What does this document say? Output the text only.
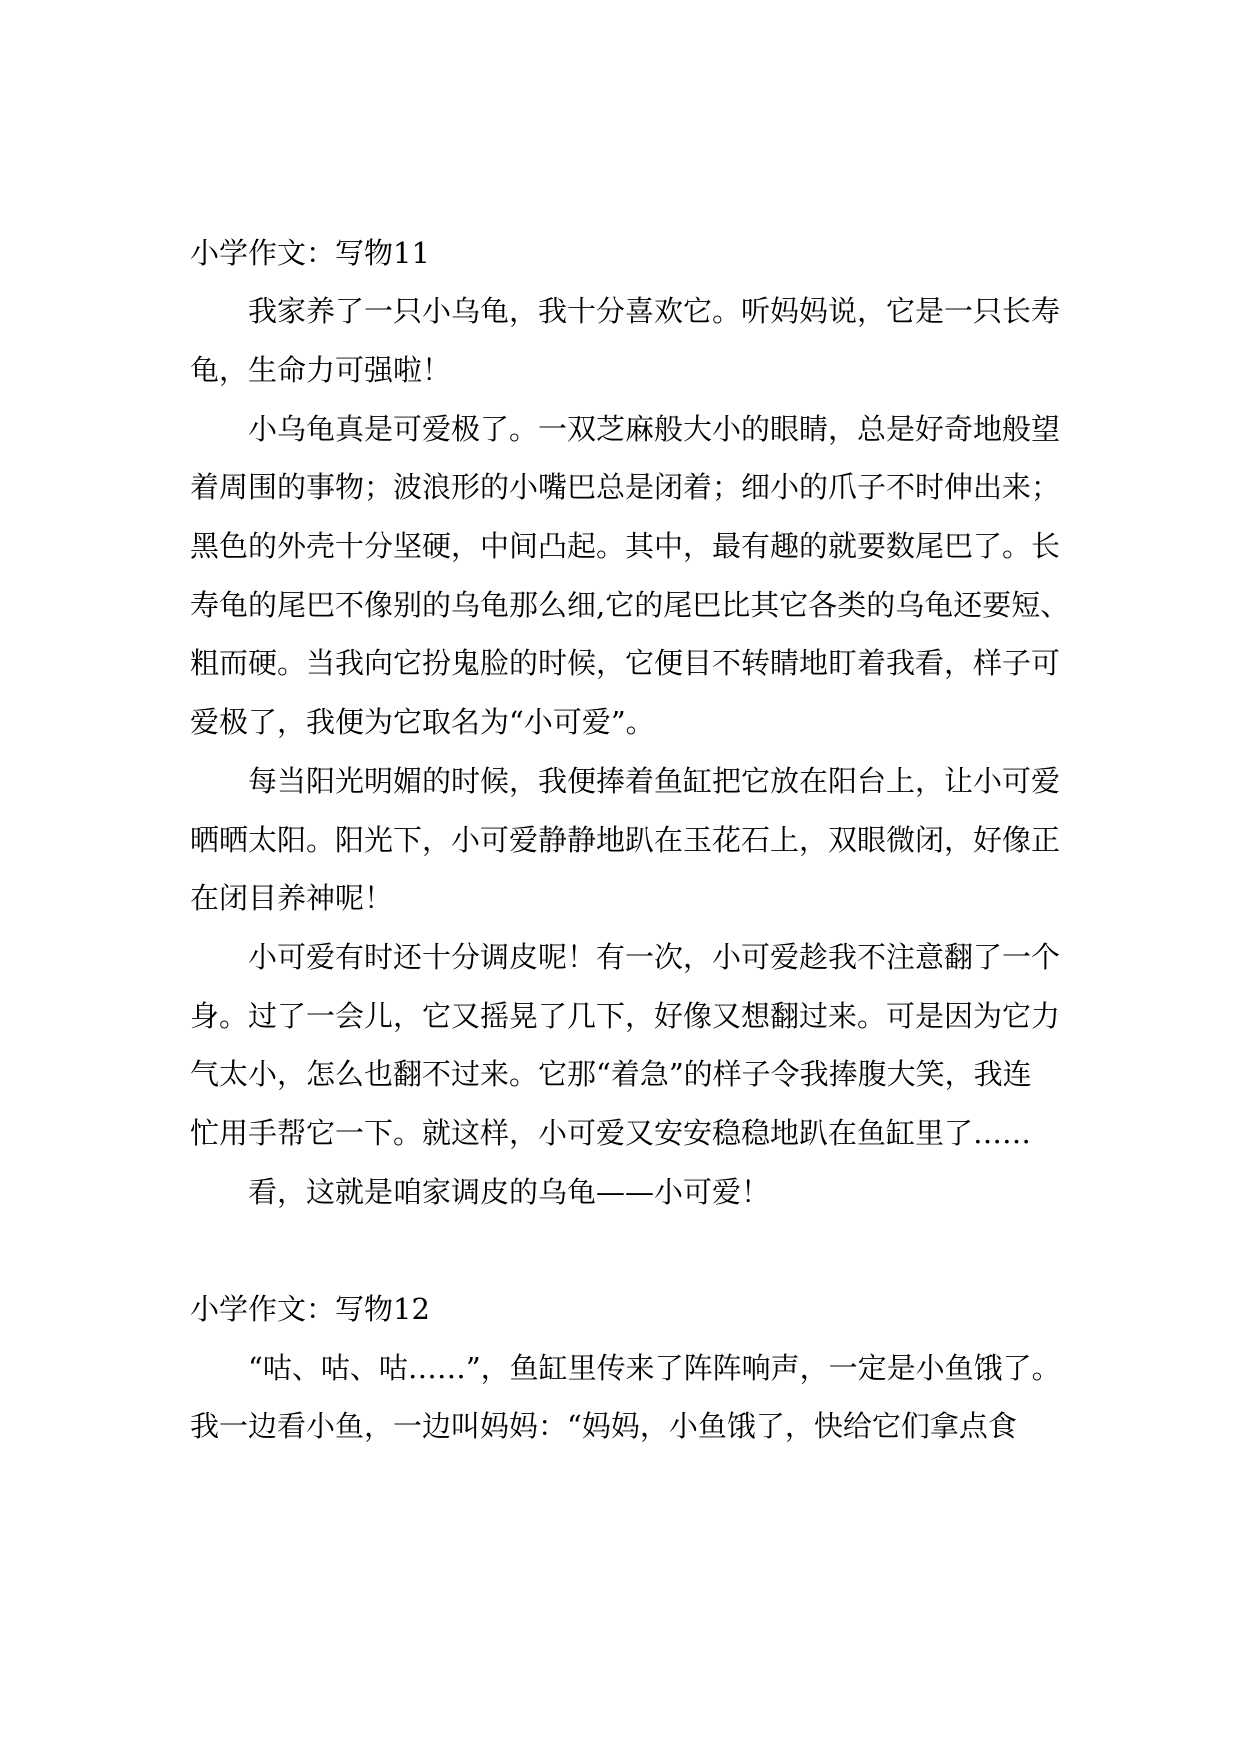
小学作文：写物11
我家养了一只小乌龟，我十分喜欢它。听妈妈说，它是一只长寿
龟，生命力可强啦！
小乌龟真是可爱极了。一双芝麻般大小的眼睛，总是好奇地般望
着周围的事物；波浪形的小嘴巴总是闭着；细小的爪子不时伸出来；
黑色的外壳十分坚硬，中间凸起。其中，最有趣的就要数尾巴了。长
寿龟的尾巴不像别的乌龟那么细,它的尾巴比其它各类的乌龟还要短、
粗而硬。当我向它扮鬼脸的时候，它便目不转睛地盯着我看，样子可
爱极了，我便为它取名为“小可爱”。
每当阳光明媚的时候，我便捧着鱼缸把它放在阳台上，让小可爱
晒晒太阳。阳光下，小可爱静静地趴在玉花石上，双眼微闭，好像正
在闭目养神呢！
小可爱有时还十分调皮呢！有一次，小可爱趁我不注意翻了一个
身。过了一会儿，它又摇晃了几下，好像又想翻过来。可是因为它力
气太小，怎么也翻不过来。它那“着急”的样子令我捧腹大笑，我连
忙用手帮它一下。就这样，小可爱又安安稳稳地趴在鱼缸里了……
看，这就是咱家调皮的乌龟——小可爱！
小学作文：写物12
“咕、咕、咕……”，鱼缸里传来了阵阵响声，一定是小鱼饿了。
我一边看小鱼，一边叫妈妈：“妈妈，小鱼饿了，快给它们拿点食
